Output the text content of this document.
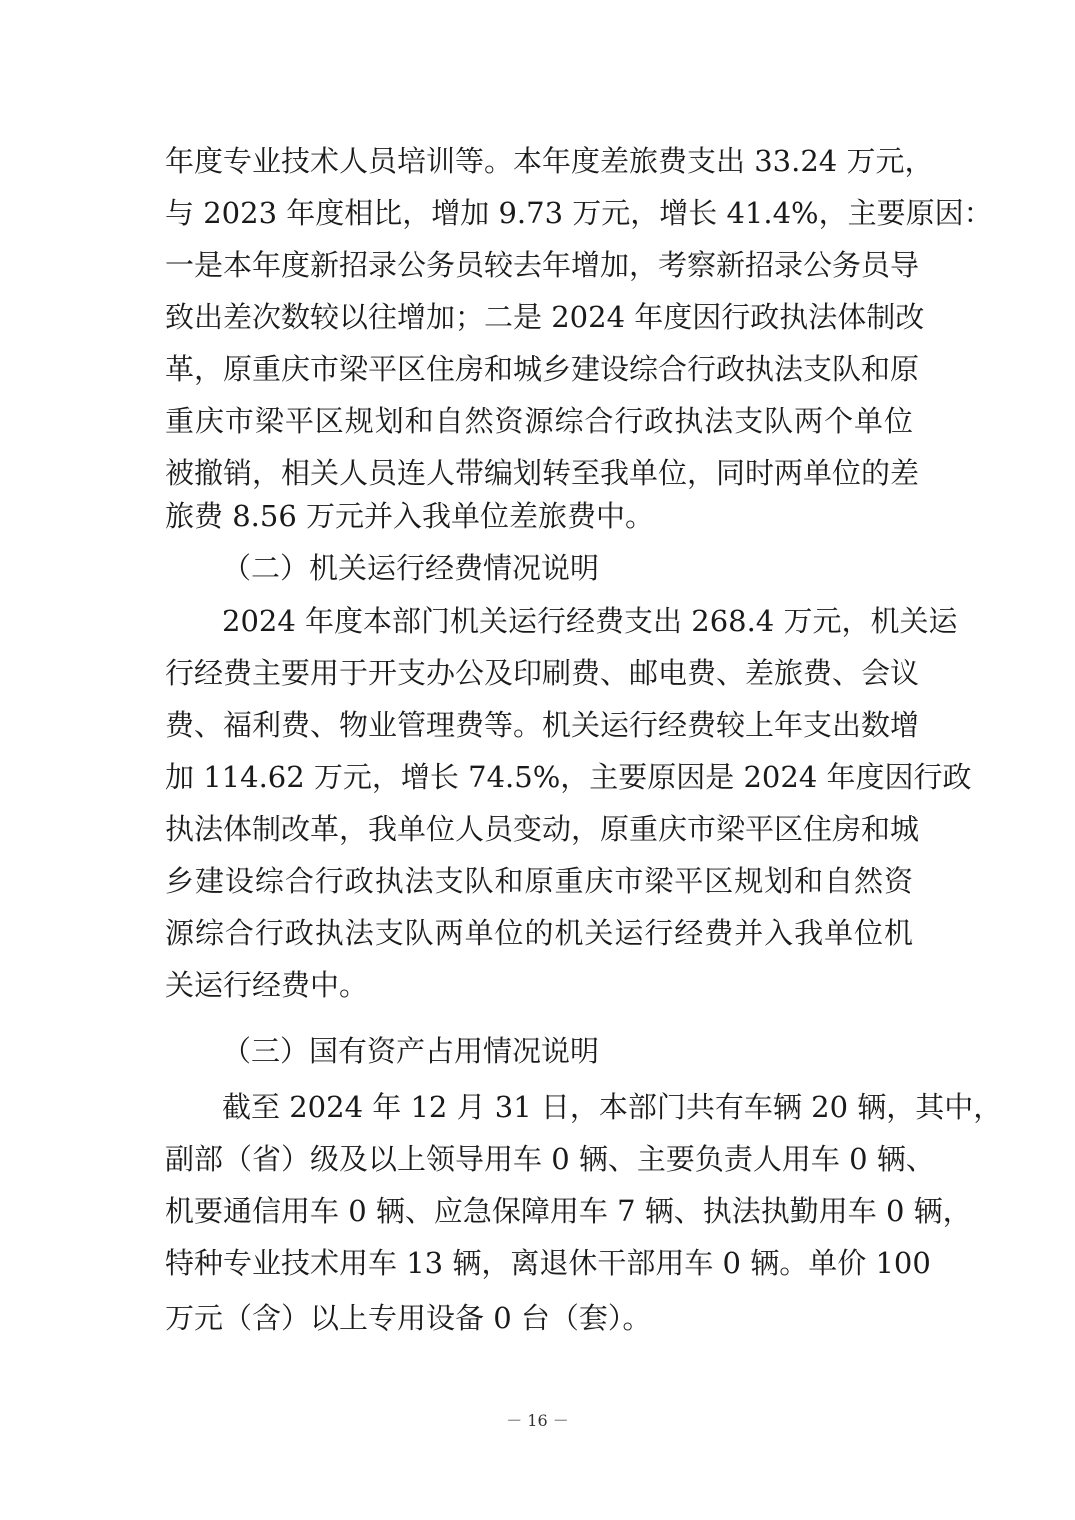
年度专业技术人员培训等。本年度差旅费支出 33.24 万元，
与 2023 年度相比，增加 9.73 万元，增长 41.4%，主要原因：
一是本年度新招录公务员较去年增加，考察新招录公务员导
致出差次数较以往增加；二是 2024 年度因行政执法体制改
革，原重庆市梁平区住房和城乡建设综合行政执法支队和原
重庆市梁平区规划和自然资源综合行政执法支队两个单位
被撤销，相关人员连人带编划转至我单位，同时两单位的差
旅费 8.56 万元并入我单位差旅费中。
（二）机关运行经费情况说明
2024 年度本部门机关运行经费支出 268.4 万元，机关运
行经费主要用于开支办公及印刷费、邮电费、差旅费、会议
费、福利费、物业管理费等。机关运行经费较上年支出数增
加 114.62 万元，增长 74.5%，主要原因是 2024 年度因行政
执法体制改革，我单位人员变动，原重庆市梁平区住房和城
乡建设综合行政执法支队和原重庆市梁平区规划和自然资
源综合行政执法支队两单位的机关运行经费并入我单位机
关运行经费中。
（三）国有资产占用情况说明
截至 2024 年 12 月 31 日，本部门共有车辆 20 辆，其中，
副部（省）级及以上领导用车 0 辆、主要负责人用车 0 辆、
机要通信用车 0 辆、应急保障用车 7 辆、执法执勤用车 0 辆，
特种专业技术用车 13 辆，离退休干部用车 0 辆。单价 100
万元（含）以上专用设备 0 台（套）。
－ 16 －
